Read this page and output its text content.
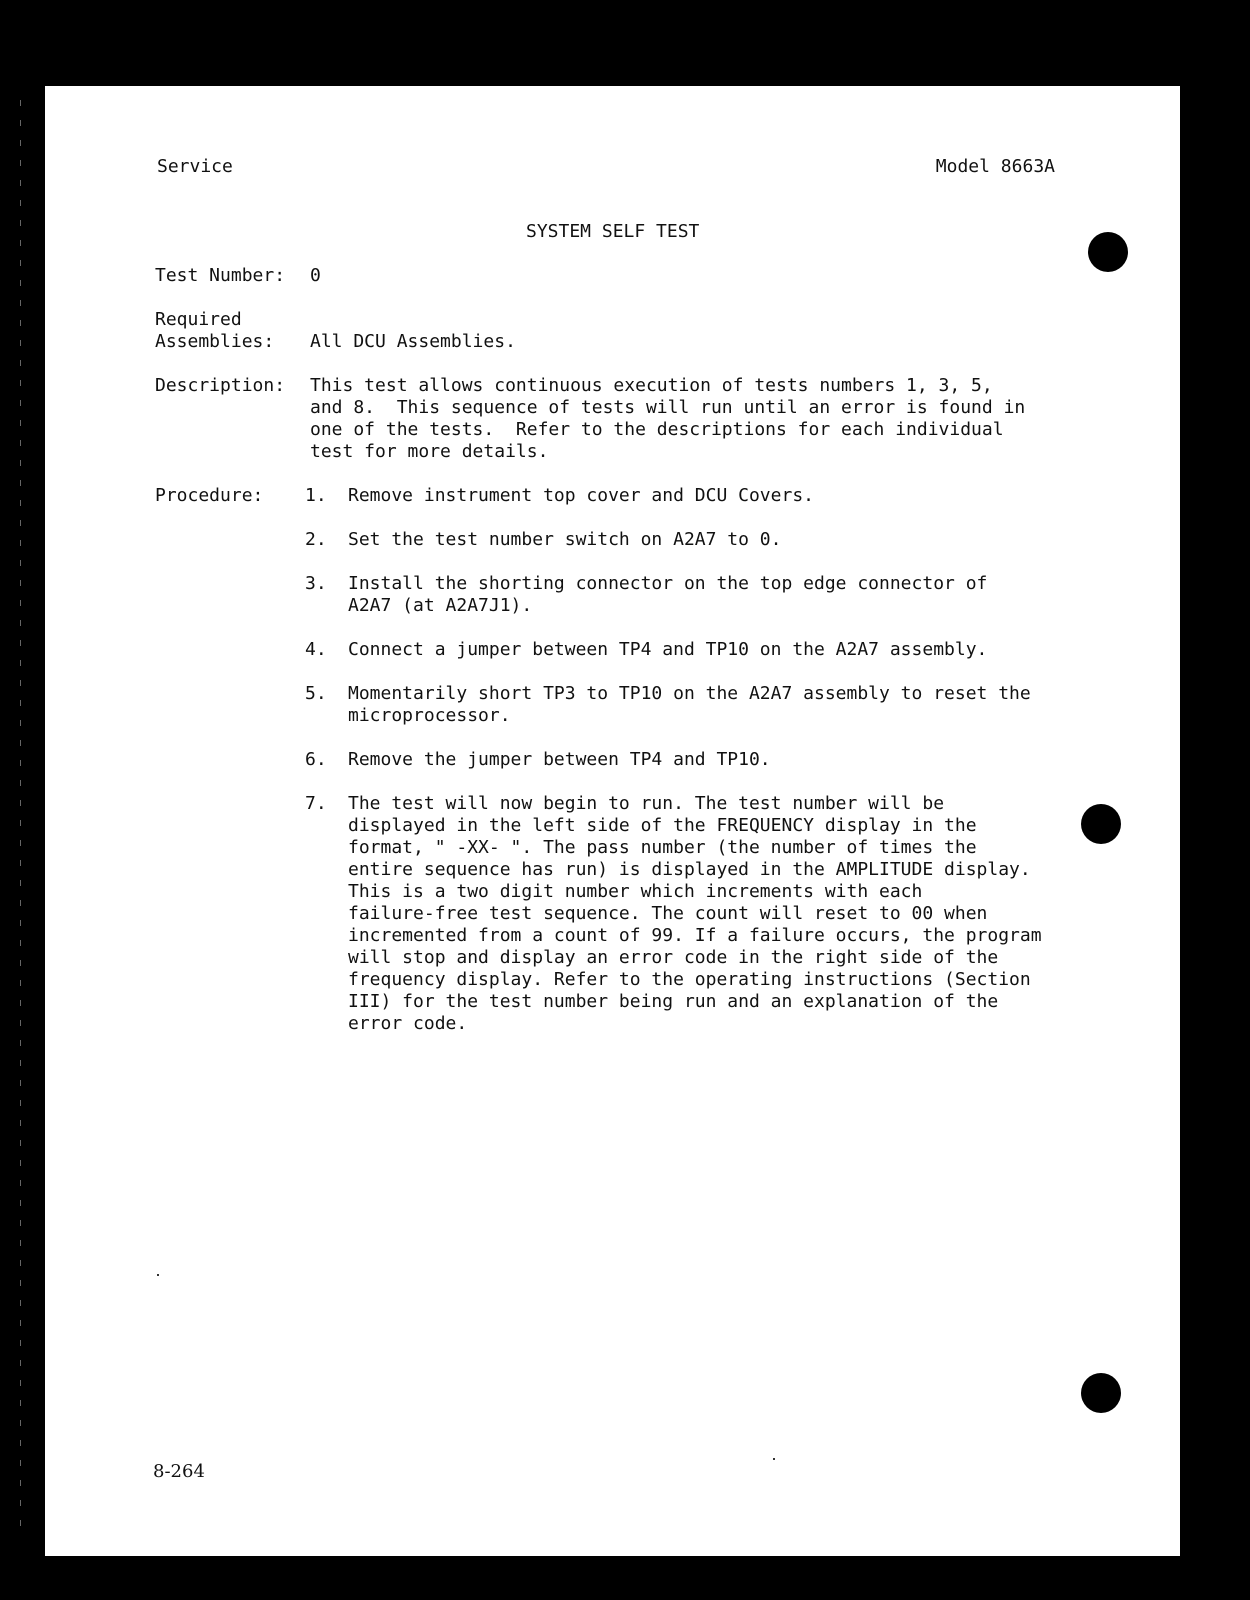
Service	Model 8663A
SYSTEM SELF TEST
Test Number: 0
Required
Assemblies: All DCU Assemblies.
Description: This test allows continuous execution of tests numbers 1, 3, 5,
and 8.  This sequence of tests will run until an error is found in
one of the tests.  Refer to the descriptions for each individual
test for more details.
Procedure: 1. Remove instrument top cover and DCU Covers.
2. Set the test number switch on A2A7 to 0.
3. Install the shorting connector on the top edge connector of
A2A7 (at A2A7J1).
4. Connect a jumper between TP4 and TP10 on the A2A7 assembly.
5. Momentarily short TP3 to TP10 on the A2A7 assembly to reset the
microprocessor.
6. Remove the jumper between TP4 and TP10.
7. The test will now begin to run. The test number will be
displayed in the left side of the FREQUENCY display in the
format, " -XX- ". The pass number (the number of times the
entire sequence has run) is displayed in the AMPLITUDE display.
This is a two digit number which increments with each
failure-free test sequence. The count will reset to 00 when
incremented from a count of 99. If a failure occurs, the program
will stop and display an error code in the right side of the
frequency display. Refer to the operating instructions (Section
III) for the test number being run and an explanation of the
error code.
8-264
